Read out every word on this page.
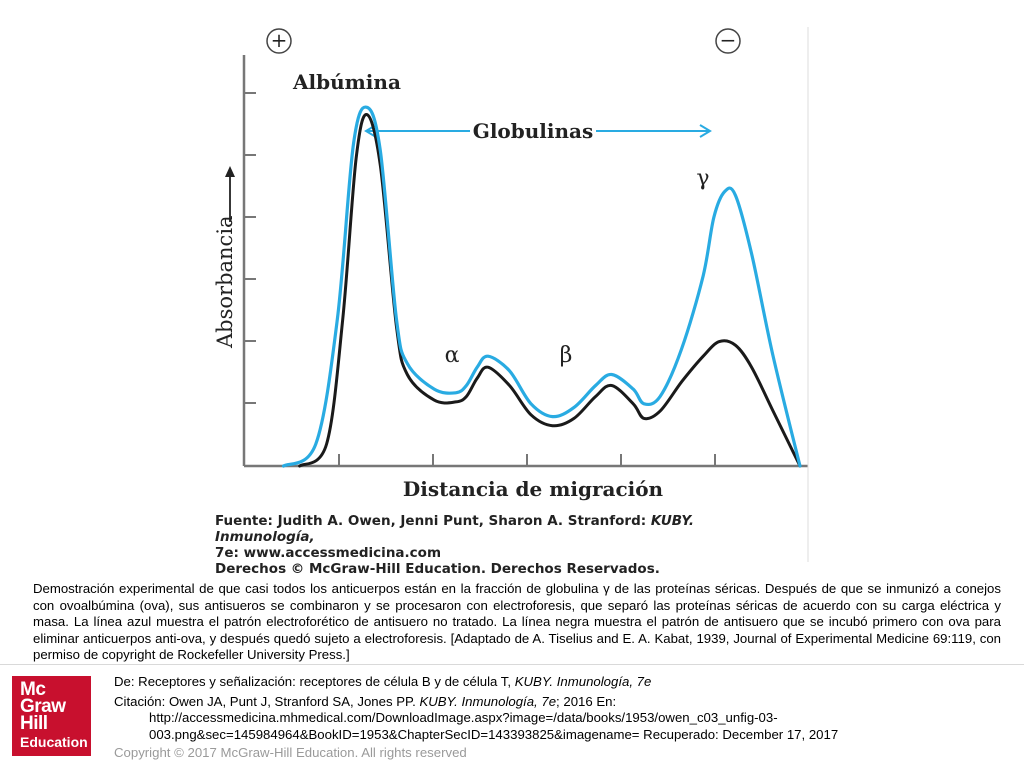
+	−
Absorbancia
Albúmina
Globulinas
α	β
γ
Distancia de migración
Fuente: Judith A. Owen, Jenni Punt, Sharon A. Stranford: KUBY. Inmunología,
7e: www.accessmedicina.com
Derechos © McGraw-Hill Education. Derechos Reservados.
Demostración experimental de que casi todos los anticuerpos están en la fracción de globulina γ de las proteínas séricas. Después de que se inmunizó a conejos con ovoalbúmina (ova), sus antisueros se combinaron y se procesaron con electroforesis, que separó las proteínas séricas de acuerdo con su carga eléctrica y masa. La línea azul muestra el patrón electroforético de antisuero no tratado. La línea negra muestra el patrón de antisuero que se incubó primero con ova para eliminar anticuerpos anti-ova, y después quedó sujeto a electroforesis. [Adaptado de A. Tiselius and E. A. Kabat, 1939, Journal of Experimental Medicine 69:119, con permiso de copyright de Rockefeller University Press.]
Mc
Graw
Hill
Education
De: Receptores y señalización: receptores de célula B y de célula T, KUBY. Inmunología, 7e
Citación: Owen JA, Punt J, Stranford SA, Jones PP. KUBY. Inmunología, 7e; 2016 En:
http://accessmedicina.mhmedical.com/DownloadImage.aspx?image=/data/books/1953/owen_c03_unfig-03-
003.png&sec=145984964&BookID=1953&ChapterSecID=143393825&imagename= Recuperado: December 17, 2017
Copyright © 2017 McGraw-Hill Education. All rights reserved
